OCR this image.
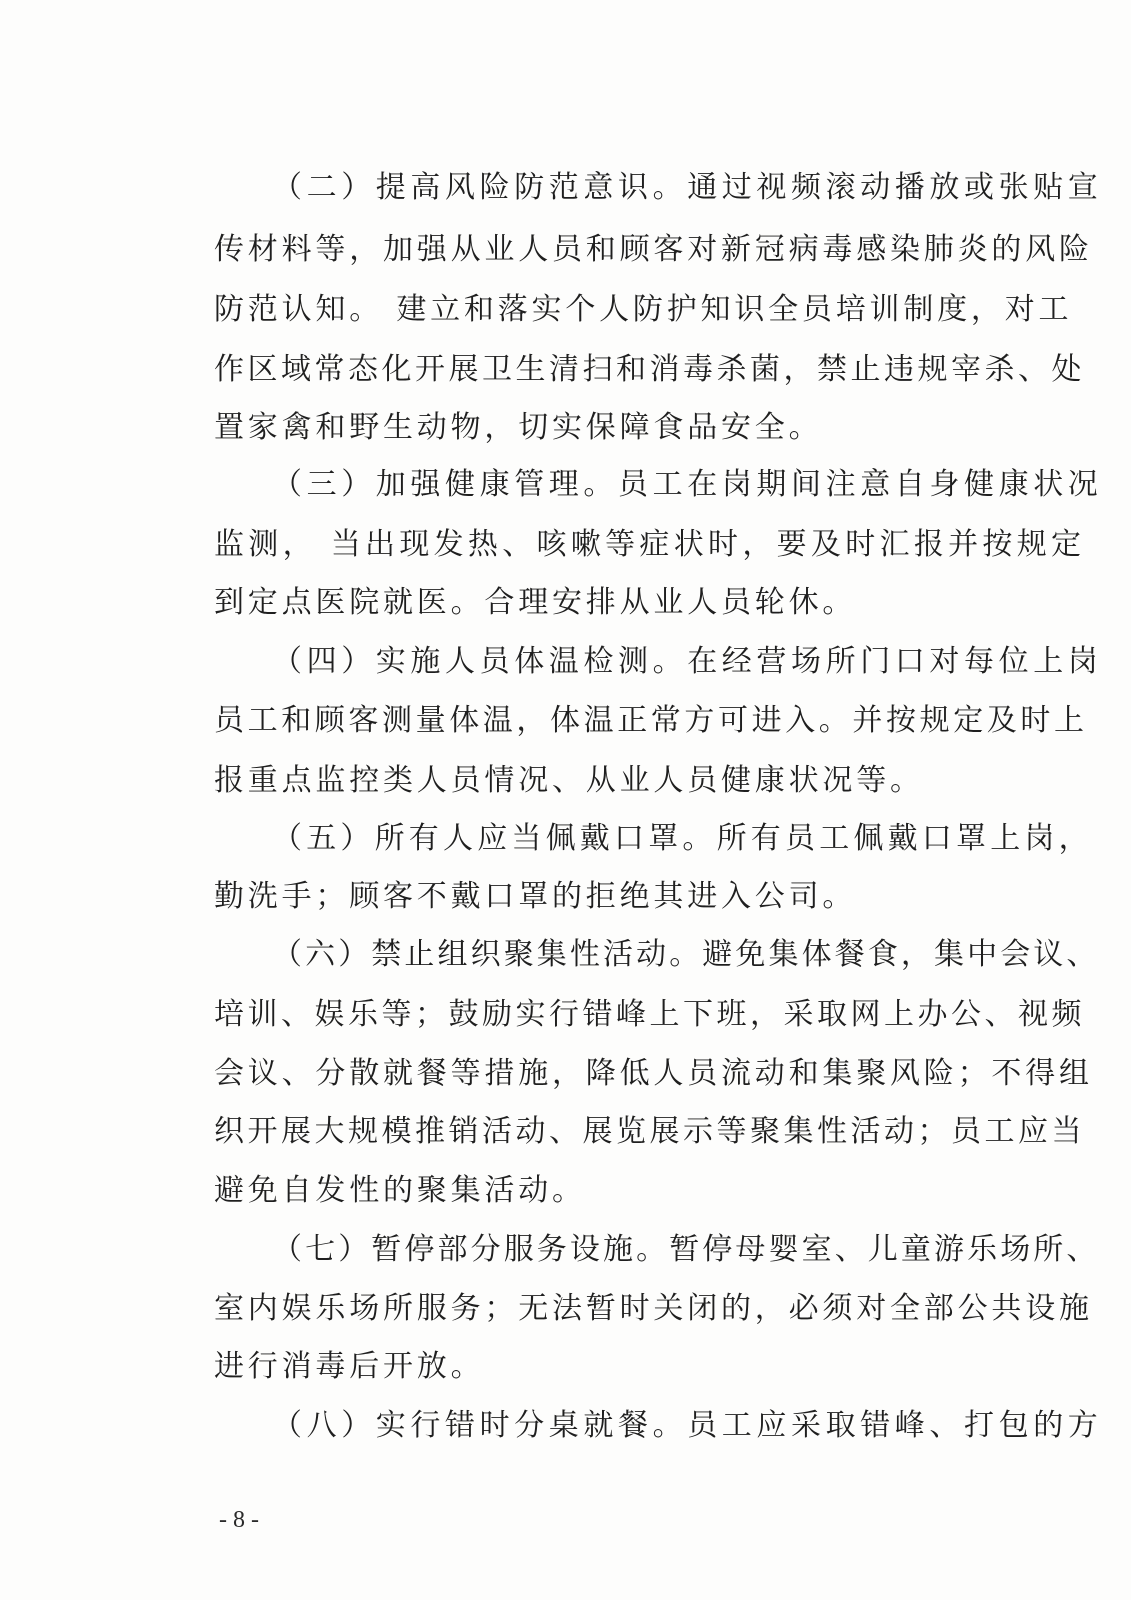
（二）提高风险防范意识。通过视频滚动播放或张贴宣
传材料等，加强从业人员和顾客对新冠病毒感染肺炎的风险
防范认知。 建立和落实个人防护知识全员培训制度，对工
作区域常态化开展卫生清扫和消毒杀菌，禁止违规宰杀、处
置家禽和野生动物，切实保障食品安全。
（三）加强健康管理。员工在岗期间注意自身健康状况
监测， 当出现发热、咳嗽等症状时，要及时汇报并按规定
到定点医院就医。合理安排从业人员轮休。
（四）实施人员体温检测。在经营场所门口对每位上岗
员工和顾客测量体温，体温正常方可进入。并按规定及时上
报重点监控类人员情况、从业人员健康状况等。
（五）所有人应当佩戴口罩。所有员工佩戴口罩上岗，
勤洗手；顾客不戴口罩的拒绝其进入公司。
（六）禁止组织聚集性活动。避免集体餐食，集中会议、
培训、娱乐等；鼓励实行错峰上下班，采取网上办公、视频
会议、分散就餐等措施，降低人员流动和集聚风险；不得组
织开展大规模推销活动、展览展示等聚集性活动；员工应当
避免自发性的聚集活动。
（七）暂停部分服务设施。暂停母婴室、儿童游乐场所、
室内娱乐场所服务；无法暂时关闭的，必须对全部公共设施
进行消毒后开放。
（八）实行错时分桌就餐。员工应采取错峰、打包的方
- 8 -
